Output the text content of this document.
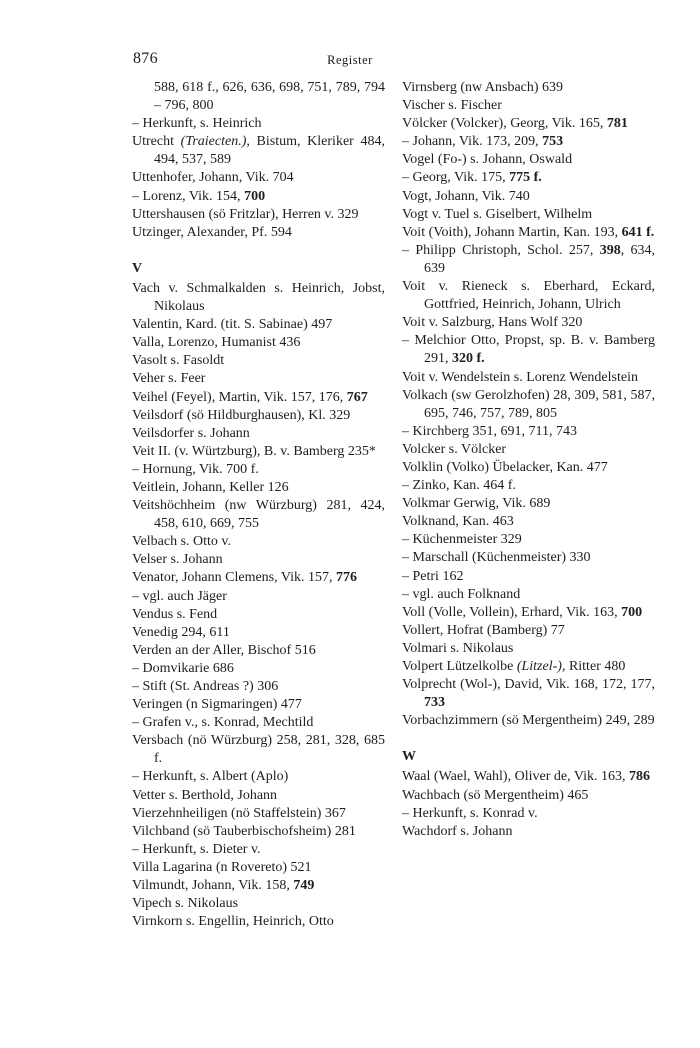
876	Register
588, 618 f., 626, 636, 698, 751, 789, 794 – 796, 800
– Herkunft, s. Heinrich
Utrecht (Traiecten.), Bistum, Kleriker 484, 494, 537, 589
Uttenhofer, Johann, Vik. 704
– Lorenz, Vik. 154, 700
Uttershausen (sö Fritzlar), Herren v. 329
Utzinger, Alexander, Pf. 594
V
Vach v. Schmalkalden s. Heinrich, Jobst, Nikolaus
Valentin, Kard. (tit. S. Sabinae) 497
Valla, Lorenzo, Humanist 436
Vasolt s. Fasoldt
Veher s. Feer
Veihel (Feyel), Martin, Vik. 157, 176, 767
Veilsdorf (sö Hildburghausen), Kl. 329
Veilsdorfer s. Johann
Veit II. (v. Würtzburg), B. v. Bamberg 235*
– Hornung, Vik. 700 f.
Veitlein, Johann, Keller 126
Veitshöchheim (nw Würzburg) 281, 424, 458, 610, 669, 755
Velbach s. Otto v.
Velser s. Johann
Venator, Johann Clemens, Vik. 157, 776
– vgl. auch Jäger
Vendus s. Fend
Venedig 294, 611
Verden an der Aller, Bischof 516
– Domvikarie 686
– Stift (St. Andreas ?) 306
Veringen (n Sigmaringen) 477
– Grafen v., s. Konrad, Mechtild
Versbach (nö Würzburg) 258, 281, 328, 685 f.
– Herkunft, s. Albert (Aplo)
Vetter s. Berthold, Johann
Vierzehnheiligen (nö Staffelstein) 367
Vilchband (sö Tauberbischofsheim) 281
– Herkunft, s. Dieter v.
Villa Lagarina (n Rovereto) 521
Vilmundt, Johann, Vik. 158, 749
Vipech s. Nikolaus
Virnkorn s. Engellin, Heinrich, Otto
Virnsberg (nw Ansbach) 639
Vischer s. Fischer
Völcker (Volcker), Georg, Vik. 165, 781
– Johann, Vik. 173, 209, 753
Vogel (Fo-) s. Johann, Oswald
– Georg, Vik. 175, 775 f.
Vogt, Johann, Vik. 740
Vogt v. Tuel s. Giselbert, Wilhelm
Voit (Voith), Johann Martin, Kan. 193, 641 f.
– Philipp Christoph, Schol. 257, 398, 634, 639
Voit v. Rieneck s. Eberhard, Eckard, Gottfried, Heinrich, Johann, Ulrich
Voit v. Salzburg, Hans Wolf 320
– Melchior Otto, Propst, sp. B. v. Bamberg 291, 320 f.
Voit v. Wendelstein s. Lorenz Wendelstein
Volkach (sw Gerolzhofen) 28, 309, 581, 587, 695, 746, 757, 789, 805
– Kirchberg 351, 691, 711, 743
Volcker s. Völcker
Volklin (Volko) Übelacker, Kan. 477
– Zinko, Kan. 464 f.
Volkmar Gerwig, Vik. 689
Volknand, Kan. 463
– Küchenmeister 329
– Marschall (Küchenmeister) 330
– Petri 162
– vgl. auch Folknand
Voll (Volle, Vollein), Erhard, Vik. 163, 700
Vollert, Hofrat (Bamberg) 77
Volmari s. Nikolaus
Volpert Lützelkolbe (Litzel-), Ritter 480
Volprecht (Wol-), David, Vik. 168, 172, 177, 733
Vorbachzimmern (sö Mergentheim) 249, 289
W
Waal (Wael, Wahl), Oliver de, Vik. 163, 786
Wachbach (sö Mergentheim) 465
– Herkunft, s. Konrad v.
Wachdorf s. Johann
